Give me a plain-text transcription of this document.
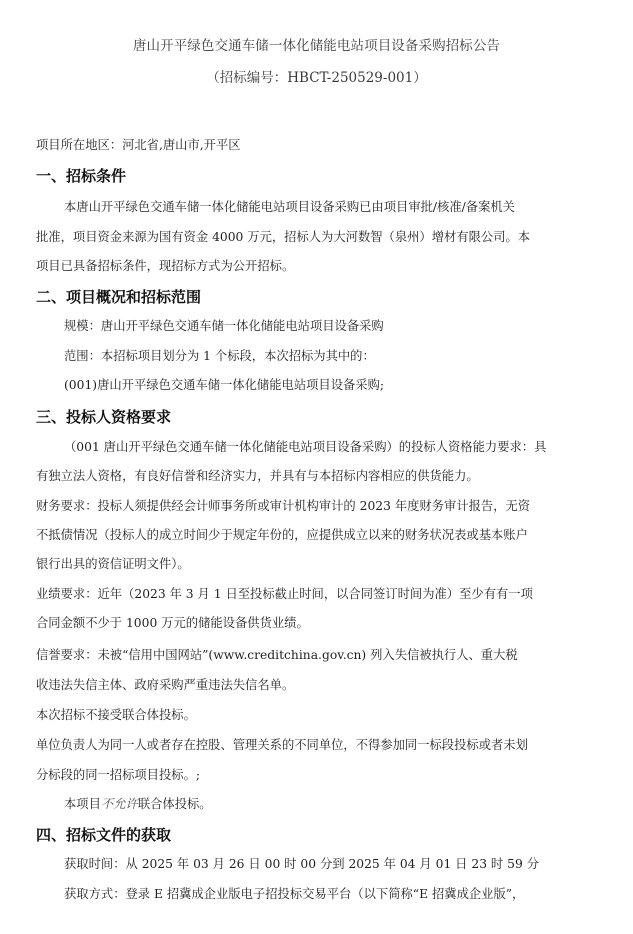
唐山开平绿色交通车储一体化储能电站项目设备采购招标公告
（招标编号：HBCT-250529-001）
项目所在地区：河北省,唐山市,开平区
一、招标条件
本唐山开平绿色交通车储一体化储能电站项目设备采购已由项目审批/核准/备案机关
批准，项目资金来源为国有资金 4000 万元，招标人为大河数智（泉州）增材有限公司。本
项目已具备招标条件，现招标方式为公开招标。
二、项目概况和招标范围
规模：唐山开平绿色交通车储一体化储能电站项目设备采购
范围：本招标项目划分为 1 个标段，本次招标为其中的：
(001)唐山开平绿色交通车储一体化储能电站项目设备采购;
三、投标人资格要求
（001 唐山开平绿色交通车储一体化储能电站项目设备采购）的投标人资格能力要求：具
有独立法人资格，有良好信誉和经济实力，并具有与本招标内容相应的供货能力。
财务要求：投标人须提供经会计师事务所或审计机构审计的 2023 年度财务审计报告，无资
不抵债情况（投标人的成立时间少于规定年份的，应提供成立以来的财务状况表或基本账户
银行出具的资信证明文件）。
业绩要求：近年（2023 年 3 月 1 日至投标截止时间，以合同签订时间为准）至少有有一项
合同金额不少于 1000 万元的储能设备供货业绩。
信誉要求：未被“信用中国网站”(www.creditchina.gov.cn) 列入失信被执行人、重大税
收违法失信主体、政府采购严重违法失信名单。
本次招标不接受联合体投标。
单位负责人为同一人或者存在控股、管理关系的不同单位，不得参加同一标段投标或者未划
分标段的同一招标项目投标。;
本项目不允许联合体投标。
四、招标文件的获取
获取时间：从 2025 年 03 月 26 日 00 时 00 分到 2025 年 04 月 01 日 23 时 59 分
获取方式：登录 E 招冀成企业版电子招投标交易平台（以下简称“E 招冀成企业版”，
